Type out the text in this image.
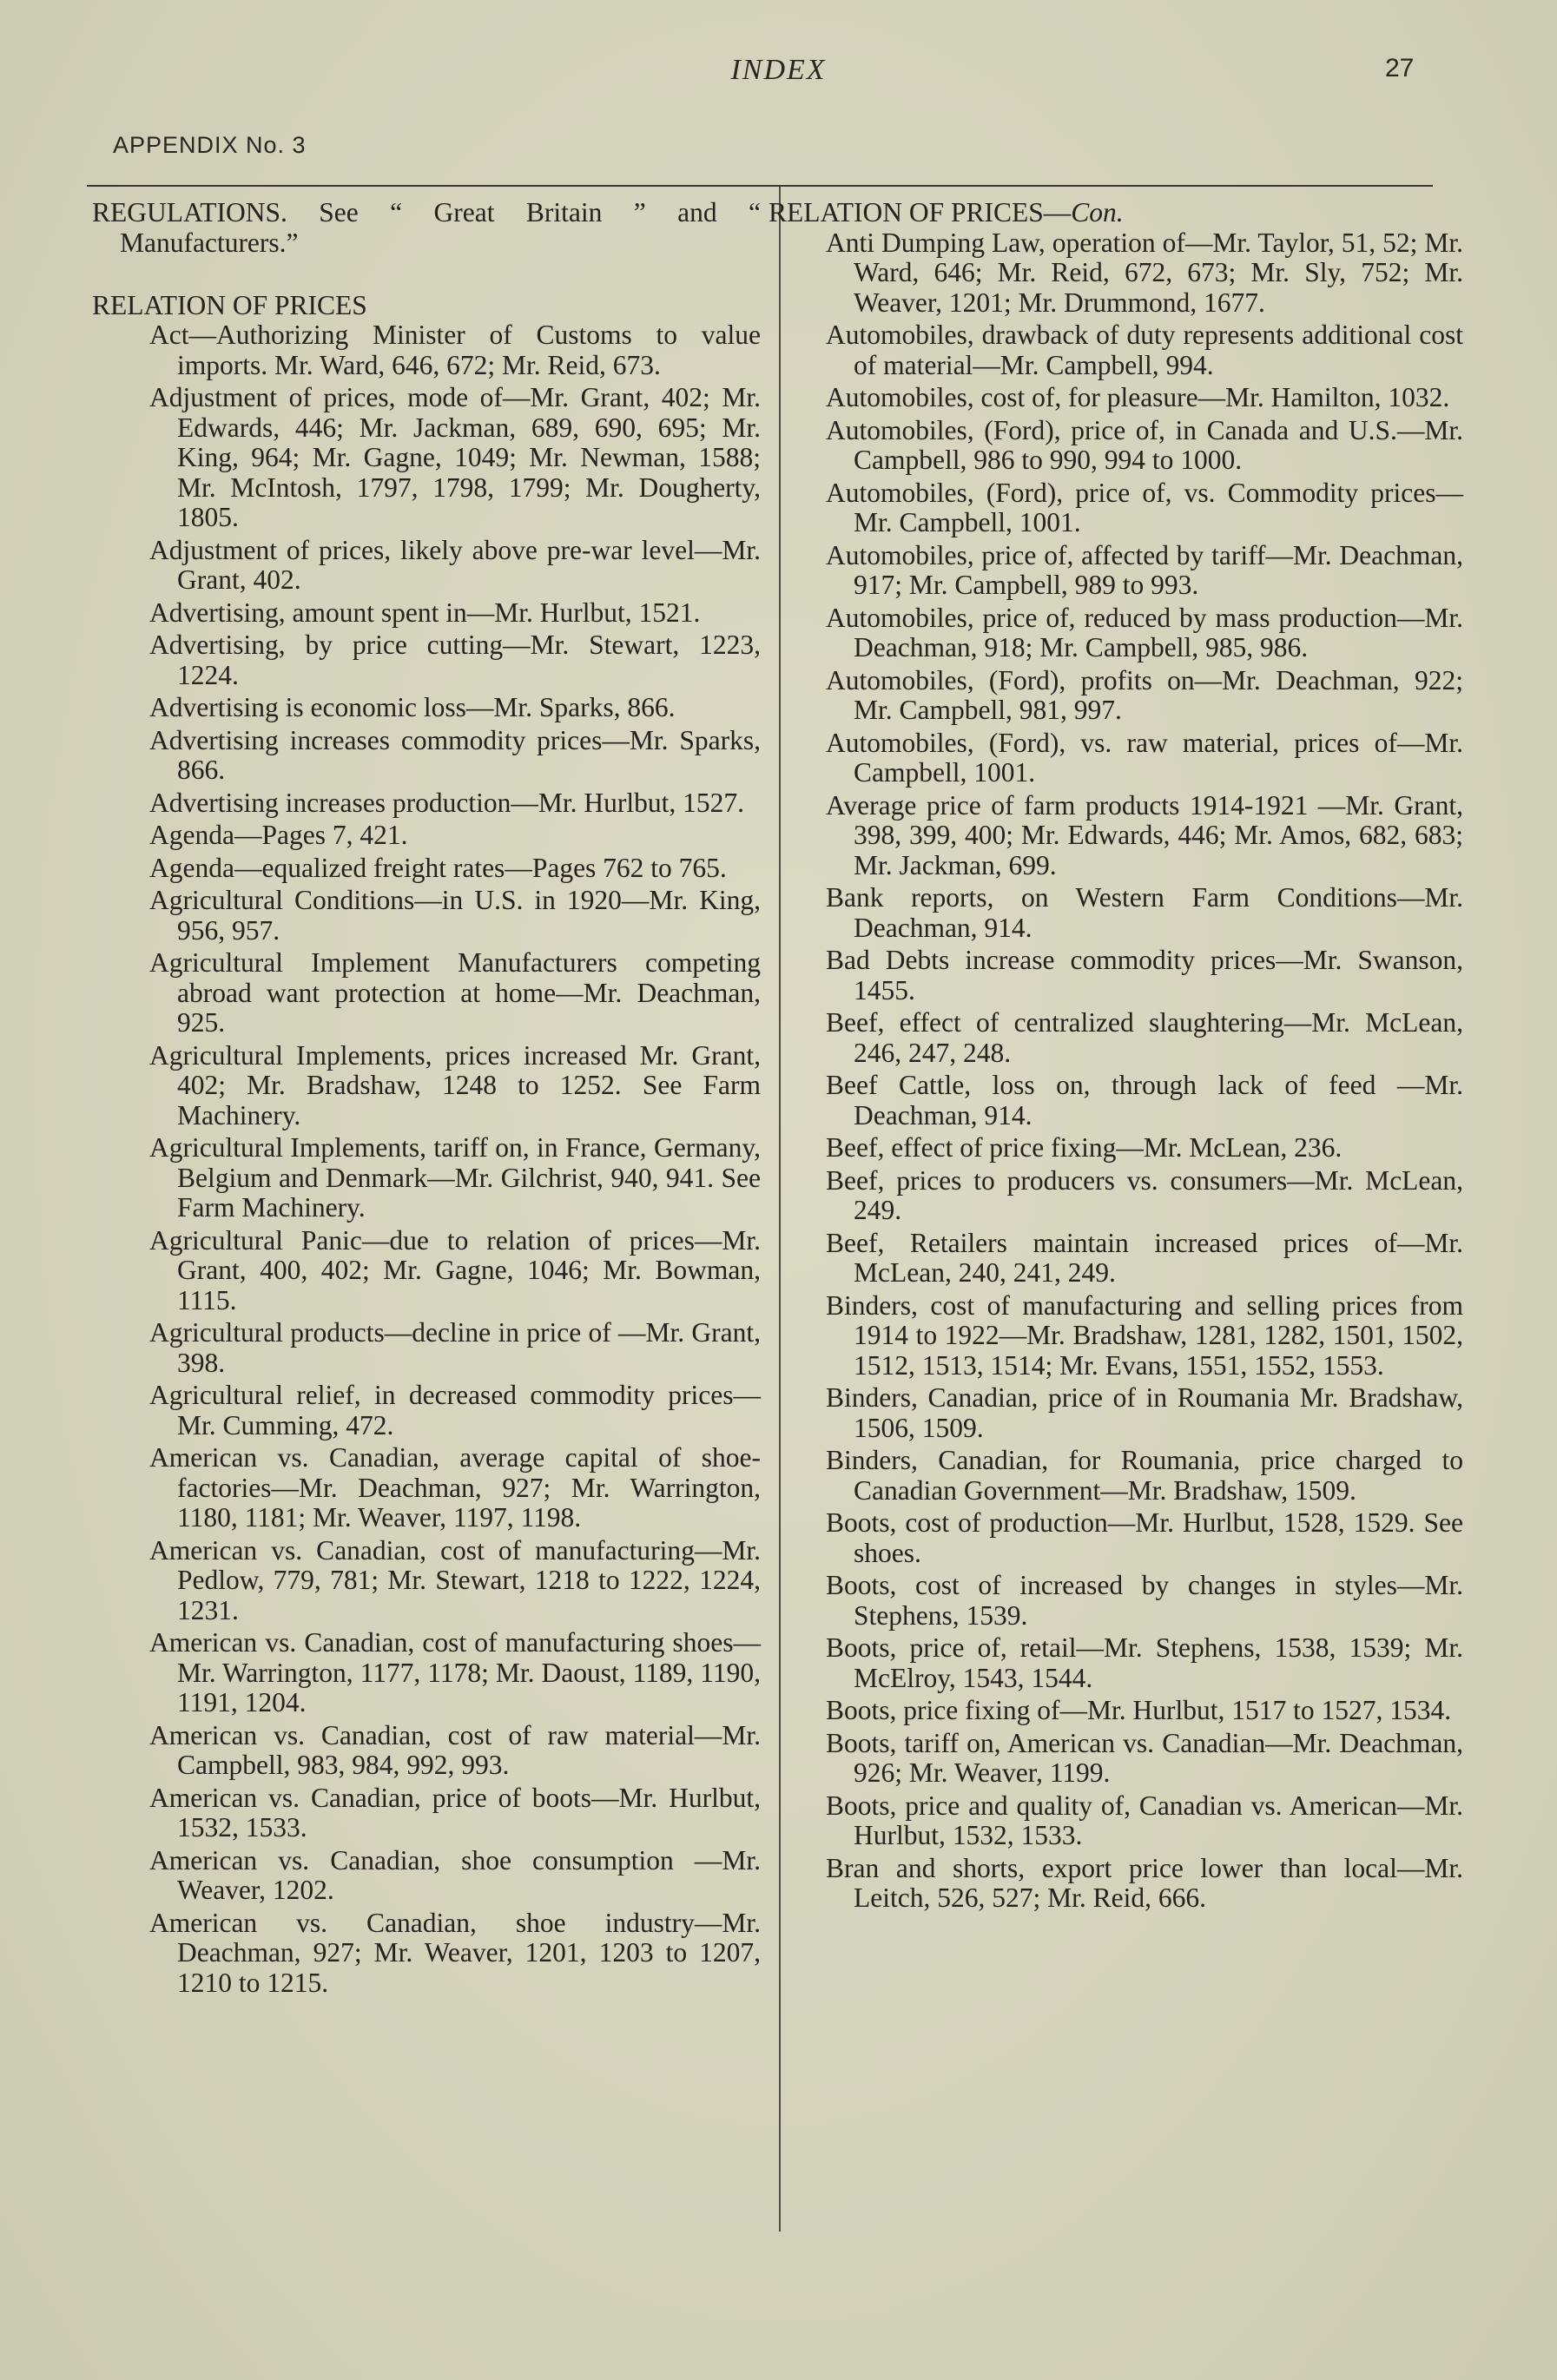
INDEX	27
APPENDIX No. 3

REGULATIONS. See “ Great Britain ” and “ Manufacturers.”

RELATION OF PRICES

Act—Authorizing Minister of Customs to value imports. Mr. Ward, 646, 672; Mr. Reid, 673.

Adjustment of prices, mode of—Mr. Grant, 402; Mr. Edwards, 446; Mr. Jackman, 689, 690, 695; Mr. King, 964; Mr. Gagne, 1049; Mr. Newman, 1588; Mr. McIntosh, 1797, 1798, 1799; Mr. Dougherty, 1805.

Adjustment of prices, likely above pre-war level—Mr. Grant, 402.

Advertising, amount spent in—Mr. Hurlbut, 1521.

Advertising, by price cutting—Mr. Stewart, 1223, 1224.

Advertising is economic loss—Mr. Sparks, 866.

Advertising increases commodity prices—Mr. Sparks, 866.

Advertising increases production—Mr. Hurlbut, 1527.

Agenda—Pages 7, 421.

Agenda—equalized freight rates—Pages 762 to 765.

Agricultural Conditions—in U.S. in 1920—Mr. King, 956, 957.

Agricultural Implement Manufacturers competing abroad want protection at home—Mr. Deachman, 925.

Agricultural Implements, prices increased Mr. Grant, 402; Mr. Bradshaw, 1248 to 1252. See Farm Machinery.

Agricultural Implements, tariff on, in France, Germany, Belgium and Denmark—Mr. Gilchrist, 940, 941. See Farm Machinery.

Agricultural Panic—due to relation of prices—Mr. Grant, 400, 402; Mr. Gagne, 1046; Mr. Bowman, 1115.

Agricultural products—decline in price of —Mr. Grant, 398.

Agricultural relief, in decreased commodity prices—Mr. Cumming, 472.

American vs. Canadian, average capital of shoe-factories—Mr. Deachman, 927; Mr. Warrington, 1180, 1181; Mr. Weaver, 1197, 1198.

American vs. Canadian, cost of manufacturing—Mr. Pedlow, 779, 781; Mr. Stewart, 1218 to 1222, 1224, 1231.

American vs. Canadian, cost of manufacturing shoes—Mr. Warrington, 1177, 1178; Mr. Daoust, 1189, 1190, 1191, 1204.

American vs. Canadian, cost of raw material—Mr. Campbell, 983, 984, 992, 993.

American vs. Canadian, price of boots—Mr. Hurlbut, 1532, 1533.

American vs. Canadian, shoe consumption —Mr. Weaver, 1202.

American vs. Canadian, shoe industry—Mr. Deachman, 927; Mr. Weaver, 1201, 1203 to 1207, 1210 to 1215.

RELATION OF PRICES—Con.

Anti Dumping Law, operation of—Mr. Taylor, 51, 52; Mr. Ward, 646; Mr. Reid, 672, 673; Mr. Sly, 752; Mr. Weaver, 1201; Mr. Drummond, 1677.

Automobiles, drawback of duty represents additional cost of material—Mr. Campbell, 994.

Automobiles, cost of, for pleasure—Mr. Hamilton, 1032.

Automobiles, (Ford), price of, in Canada and U.S.—Mr. Campbell, 986 to 990, 994 to 1000.

Automobiles, (Ford), price of, vs. Commodity prices—Mr. Campbell, 1001.

Automobiles, price of, affected by tariff—Mr. Deachman, 917; Mr. Campbell, 989 to 993.

Automobiles, price of, reduced by mass production—Mr. Deachman, 918; Mr. Campbell, 985, 986.

Automobiles, (Ford), profits on—Mr. Deachman, 922; Mr. Campbell, 981, 997.

Automobiles, (Ford), vs. raw material, prices of—Mr. Campbell, 1001.

Average price of farm products 1914-1921 —Mr. Grant, 398, 399, 400; Mr. Edwards, 446; Mr. Amos, 682, 683; Mr. Jackman, 699.

Bank reports, on Western Farm Conditions—Mr. Deachman, 914.

Bad Debts increase commodity prices—Mr. Swanson, 1455.

Beef, effect of centralized slaughtering—Mr. McLean, 246, 247, 248.

Beef Cattle, loss on, through lack of feed —Mr. Deachman, 914.

Beef, effect of price fixing—Mr. McLean, 236.

Beef, prices to producers vs. consumers—Mr. McLean, 249.

Beef, Retailers maintain increased prices of—Mr. McLean, 240, 241, 249.

Binders, cost of manufacturing and selling prices from 1914 to 1922—Mr. Bradshaw, 1281, 1282, 1501, 1502, 1512, 1513, 1514; Mr. Evans, 1551, 1552, 1553.

Binders, Canadian, price of in Roumania Mr. Bradshaw, 1506, 1509.

Binders, Canadian, for Roumania, price charged to Canadian Government—Mr. Bradshaw, 1509.

Boots, cost of production—Mr. Hurlbut, 1528, 1529. See shoes.

Boots, cost of increased by changes in styles—Mr. Stephens, 1539.

Boots, price of, retail—Mr. Stephens, 1538, 1539; Mr. McElroy, 1543, 1544.

Boots, price fixing of—Mr. Hurlbut, 1517 to 1527, 1534.

Boots, tariff on, American vs. Canadian—Mr. Deachman, 926; Mr. Weaver, 1199.

Boots, price and quality of, Canadian vs. American—Mr. Hurlbut, 1532, 1533.

Bran and shorts, export price lower than local—Mr. Leitch, 526, 527; Mr. Reid, 666.
